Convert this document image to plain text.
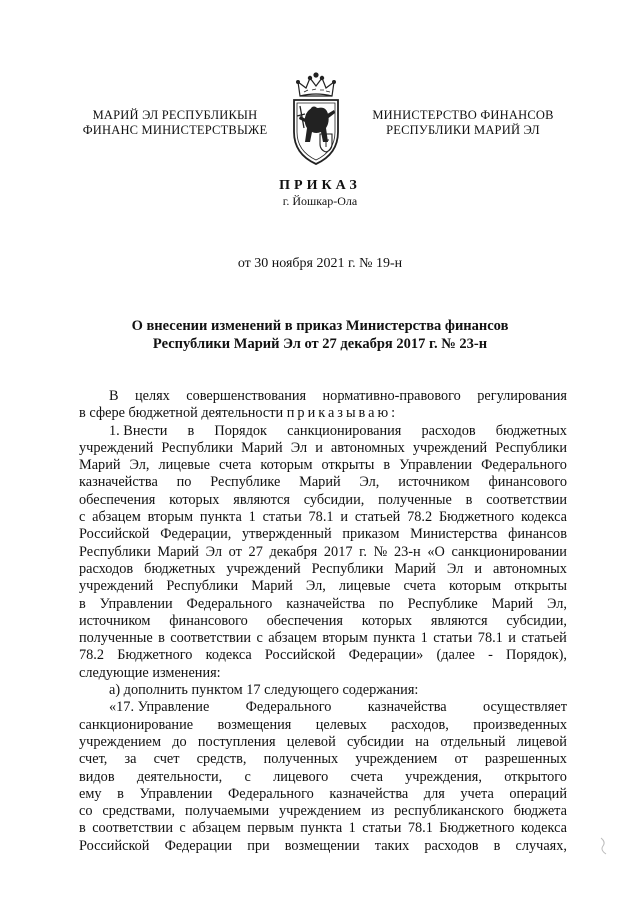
МАРИЙ ЭЛ РЕСПУБЛИКЫН
ФИНАНС МИНИСТЕРСТВЫЖЕ
МИНИСТЕРСТВО ФИНАНСОВ
РЕСПУБЛИКИ МАРИЙ ЭЛ
ПРИКАЗ
г. Йошкар-Ола
от 30 ноября 2021 г. № 19-н
О внесении изменений в приказ Министерства финансов
Республики Марий Эл от 27 декабря 2017 г. № 23-н
В целях совершенствования нормативно-правового регулирования
в сфере бюджетной деятельности приказываю:
1. Внести в Порядок санкционирования расходов бюджетных
учреждений Республики Марий Эл и автономных учреждений Республики
Марий Эл, лицевые счета которым открыты в Управлении Федерального
казначейства по Республике Марий Эл, источником финансового
обеспечения которых являются субсидии, полученные в соответствии
с абзацем вторым пункта 1 статьи 78.1 и статьей 78.2 Бюджетного кодекса
Российской Федерации, утвержденный приказом Министерства финансов
Республики Марий Эл от 27 декабря 2017 г. № 23-н «О санкционировании
расходов бюджетных учреждений Республики Марий Эл и автономных
учреждений Республики Марий Эл, лицевые счета которым открыты
в Управлении Федерального казначейства по Республике Марий Эл,
источником финансового обеспечения которых являются субсидии,
полученные в соответствии с абзацем вторым пункта 1 статьи 78.1 и статьей
78.2 Бюджетного кодекса Российской Федерации» (далее - Порядок),
следующие изменения:
а) дополнить пунктом 17 следующего содержания:
«17. Управление	Федерального	казначейства	осуществляет
санкционирование возмещения целевых расходов, произведенных
учреждением до поступления целевой субсидии на отдельный лицевой
счет, за счет средств, полученных учреждением от разрешенных
видов деятельности, с лицевого счета учреждения, открытого
ему в Управлении Федерального казначейства для учета операций
со средствами, получаемыми учреждением из республиканского бюджета
в соответствии с абзацем первым пункта 1 статьи 78.1 Бюджетного кодекса
Российской Федерации при возмещении таких расходов в случаях,
